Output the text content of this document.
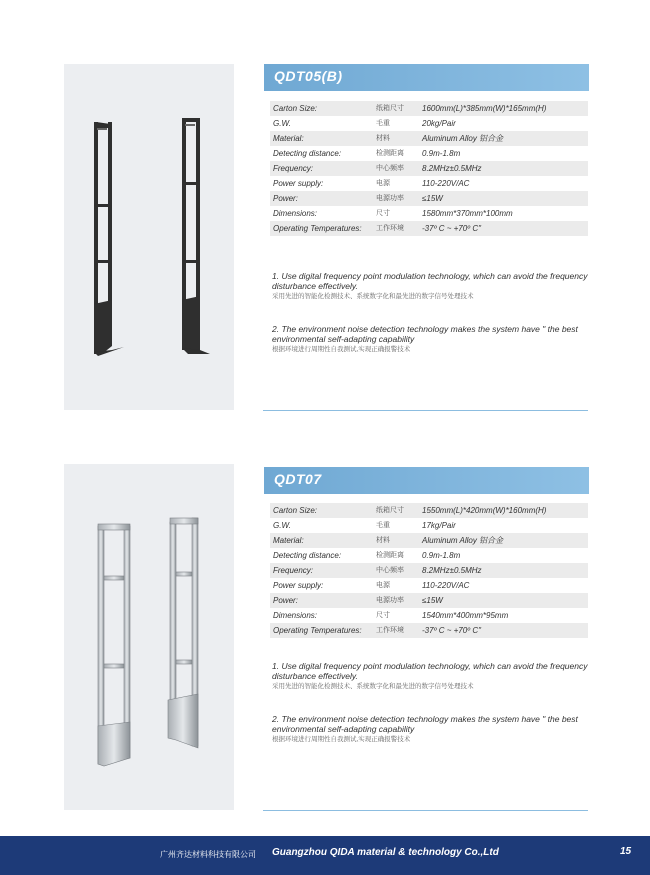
QDT05(B)
Carton Size:	纸箱尺寸 1600mm(L)*385mm(W)*165mm(H)
G.W.	毛重	20kg/Pair
Material:	材料	Aluminum Alloy 铝合金
Detecting distance:	检测距离 0.9m-1.8m
Frequency:	中心频率 8.2MHz±0.5MHz
Power supply:	电源	110-220V/AC
Power:	电源功率 ≤15W
Dimensions:	尺寸	1580mm*370mm*100mm
Operating Temperatures: 工作环境 -37º C ~ +70º C"

1. Use digital frequency point modulation technology, which can avoid the frequency disturbance effectively.

采用先进的智能化检测技术、系统数字化和最先进的数字信号处理技术

2. The environment noise detection technology makes the system have " the best environmental self-adapting capability

根据环境进行周期性自我测试,实现正确报警技术

QDT07
Carton Size:	纸箱尺寸 1550mm(L)*420mm(W)*160mm(H)
G.W.	毛重	17kg/Pair
Material:	材料	Aluminum Alloy 铝合金
Detecting distance:	检测距离 0.9m-1.8m
Frequency:	中心频率 8.2MHz±0.5MHz
Power supply:	电源	110-220V/AC
Power:	电源功率 ≤15W
Dimensions:	尺寸	1540mm*400mm*95mm
Operating Temperatures: 工作环境 -37º C ~ +70º C"

1. Use digital frequency point modulation technology, which can avoid the frequency disturbance effectively.

采用先进的智能化检测技术、系统数字化和最先进的数字信号处理技术

2. The environment noise detection technology makes the system have " the best environmental self-adapting capability

根据环境进行周期性自我测试,实现正确报警技术

广州齐达材料科技有限公司 Guangzhou QIDA material & technology Co.,Ltd	15
